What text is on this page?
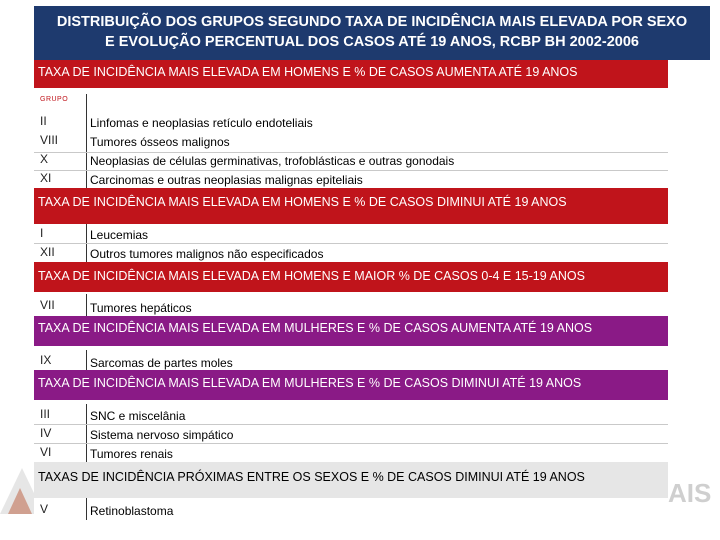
AIS
TAXA DE INCIDÊNCIA MAIS ELEVADA EM HOMENS E % DE CASOS AUMENTA ATÉ 19 ANOS
GRUPO
II	Linfomas e neoplasias retículo endoteliais
VIII	Tumores ósseos malignos
X	Neoplasias de células germinativas, trofoblásticas e outras gonodais
XI	Carcinomas e outras neoplasias malignas epiteliais
TAXA DE INCIDÊNCIA MAIS ELEVADA EM HOMENS E % DE CASOS DIMINUI ATÉ 19 ANOS
I	Leucemias
XII	Outros tumores malignos não especificados
TAXA DE INCIDÊNCIA MAIS ELEVADA EM HOMENS E MAIOR % DE CASOS 0-4 E 15-19 ANOS
VII	Tumores hepáticos
TAXA DE INCIDÊNCIA MAIS ELEVADA EM MULHERES E % DE CASOS AUMENTA ATÉ 19 ANOS
IX	Sarcomas de partes moles
TAXA DE INCIDÊNCIA MAIS ELEVADA EM MULHERES E % DE CASOS DIMINUI ATÉ 19 ANOS
III	SNC e miscelânia
IV	Sistema nervoso simpático
VI	Tumores renais
TAXAS DE INCIDÊNCIA PRÓXIMAS ENTRE OS SEXOS E % DE CASOS DIMINUI ATÉ 19 ANOS
V	Retinoblastoma
DISTRIBUIÇÃO DOS GRUPOS SEGUNDO TAXA DE INCIDÊNCIA MAIS ELEVADA POR SEXO
E EVOLUÇÃO PERCENTUAL DOS CASOS ATÉ 19 ANOS, RCBP BH 2002-2006
